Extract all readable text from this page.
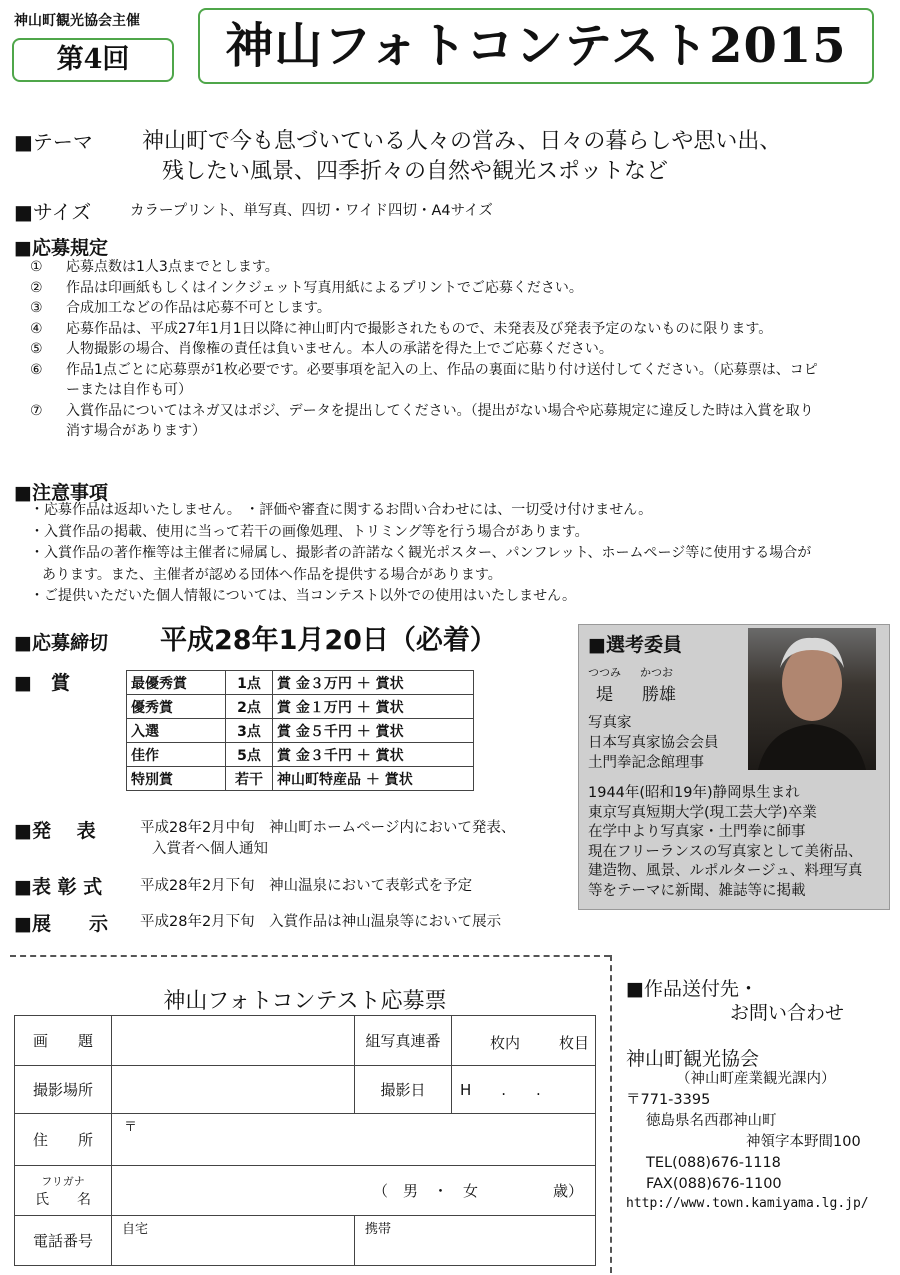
神山町観光協会主催
第4回	神山フォトコンテスト2015
■ テーマ 神山町で今も息づいている人々の営み、日々の暮らしや思い出、
残したい風景、四季折々の自然や観光スポットなど
■ サイズ	カラープリント、単写真、四切・ワイド四切・A4サイズ
■ 応募規定
① 応募点数は1人3点までとします。
② 作品は印画紙もしくはインクジェット写真用紙によるプリントでご応募ください。
③ 合成加工などの作品は応募不可とします。
④ 応募作品は、平成27年1月1日以降に神山町内で撮影されたもので、未発表及び発表予定のないものに限ります。
⑤ 人物撮影の場合、肖像権の責任は負いません。本人の承諾を得た上でご応募ください。
⑥ 作品1点ごとに応募票が1枚必要です。必要事項を記入の上、作品の裏面に貼り付け送付してください。（応募票は、コピーまたは自作も可）
⑦ 入賞作品についてはネガ又はポジ、データを提出してください。（提出がない場合や応募規定に違反した時は入賞を取り消す場合があります）
■ 注意事項
・応募作品は返却いたしません。 ・評価や審査に関するお問い合わせには、一切受け付けません。
・入賞作品の掲載、使用に当って若干の画像処理、トリミング等を行う場合があります。
・入賞作品の著作権等は主催者に帰属し、撮影者の許諾なく観光ポスター、パンフレット、ホームページ等に使用する場合があります。また、主催者が認める団体へ作品を提供する場合があります。
・ご提供いただいた個人情報については、当コンテスト以外での使用はいたしません。
■ 応募締切 平成28年1月20日（必着）
■　賞	最優秀賞	1点	賞 金３万円 ＋ 賞状
優秀賞	2点	賞 金１万円 ＋ 賞状
入選	3点	賞 金５千円 ＋ 賞状
佳作	5点	賞 金３千円 ＋ 賞状
特別賞	若干	神山町特産品 ＋ 賞状
■ 発　 表	平成28年2月中旬　神山町ホームページ内において発表、
入賞者へ個人通知
■ 表 彰 式	平成28年2月下旬　神山温泉において表彰式を予定
■ 展　　示 平成28年2月下旬　入賞作品は神山温泉等において展示
■ 選考委員
つつみ かつお
堤 勝雄
写真家
日本写真家協会会員
土門拳記念館理事
1944年(昭和19年)静岡県生まれ
東京写真短期大学(現工芸大学)卒業
在学中より写真家・土門拳に師事
現在フリーランスの写真家として美術品、
建造物、風景、ルポルタージュ、料理写真
等をテーマに新聞、雑誌等に掲載
神山フォトコンテスト応募票
画　　題		組写真連番	枚内 枚目

撮影場所		撮影日	H　　.　　.
住　　所	〒		

フリガナ
氏　　名	（　男　・　女　　　　　歳）		
電話番号	自宅	携帯	
■作品送付先・
お問い合わせ
神山町観光協会
（神山町産業観光課内）
〒771-3395
徳島県名西郡神山町
神領字本野間100
TEL(088)676-1118
FAX(088)676-1100
http://www.town.kamiyama.lg.jp/
